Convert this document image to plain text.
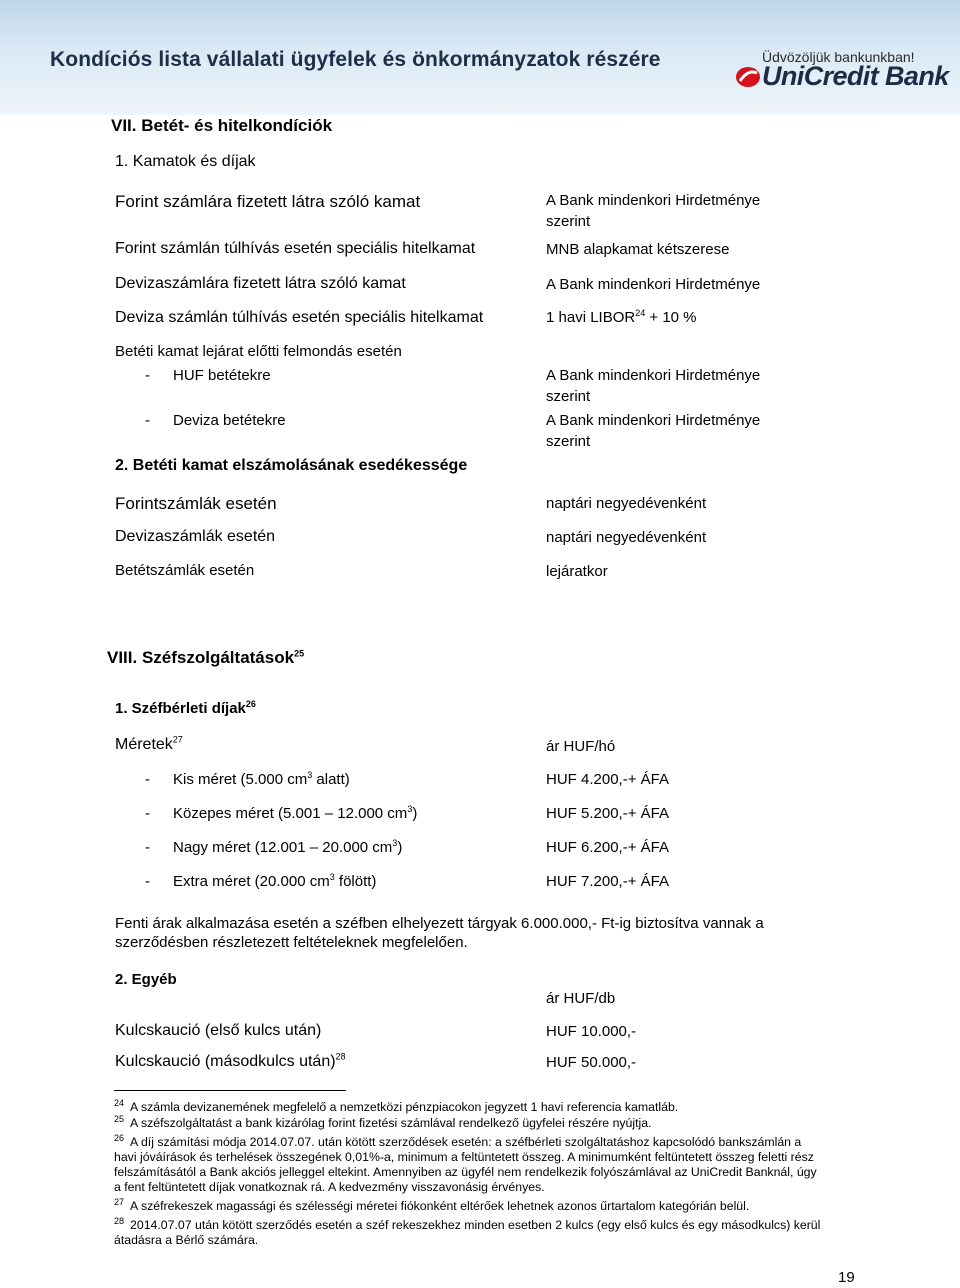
Kondíciós lista vállalati ügyfelek és önkormányzatok részére	Üdvözöljük bankunkban!
UniCredit Bank
VII. Betét- és hitelkondíciók
1. Kamatok és díjak
Forint számlára fizetett látra szóló kamat	A Bank mindenkori Hirdetménye
szerint
Forint számlán túlhívás esetén speciális hitelkamat	MNB alapkamat kétszerese
Devizaszámlára fizetett látra szóló kamat	A Bank mindenkori Hirdetménye
Deviza számlán túlhívás esetén speciális hitelkamat	1 havi $LIBOR^{24} + 10$ %
Betéti kamat lejárat előtti felmondás esetén
- HUF betétekre	A Bank mindenkori Hirdetménye
szerint
- Deviza betétekre	A Bank mindenkori Hirdetménye
szerint
2. Betéti kamat elszámolásának esedékessége
Forintszámlák esetén	naptári negyedévenként
Devizaszámlák esetén	naptári negyedévenként
Betétszámlák esetén	lejáratkor
VIII. Széfszolgáltatások$^{25}$
1. Széfbérleti díjak$^{26}$
Méretek$^{27}$	ár HUF/hó
- Kis méret (5.000 $cm^3$ alatt)	HUF 4.200,-+ ÁFA
- Közepes méret (5.001 – 12.000 $cm^3$)	HUF 5.200,-+ ÁFA
- Nagy méret (12.001 – 20.000 $cm^3$)	HUF 6.200,-+ ÁFA
- Extra méret (20.000 $cm^3$ fölött)	HUF 7.200,-+ ÁFA
Fenti árak alkalmazása esetén a széfben elhelyezett tárgyak 6.000.000,- Ft-ig biztosítva vannak a
szerződésben részletezett feltételeknek megfelelően.
2. Egyéb
ár HUF/db
Kulcskaució (első kulcs után)	HUF 10.000,-
Kulcskaució (másodkulcs után)$^{28}$	HUF 50.000,-
$^{24}$ A számla devizanemének megfelelő a nemzetközi pénzpiacokon jegyzett 1 havi referencia kamatláb.
$^{25}$ A széfszolgáltatást a bank kizárólag forint fizetési számlával rendelkező ügyfelei részére nyújtja.
$^{26}$ A díj számítási módja 2014.07.07. után kötött szerződések esetén: a széfbérleti szolgáltatáshoz kapcsolódó bankszámlán a
havi jóváírások és terhelések összegének 0,01%-a, minimum a feltüntetett összeg. A minimumként feltüntetett összeg feletti rész
felszámításától a Bank akciós jelleggel eltekint. Amennyiben az ügyfél nem rendelkezik folyószámlával az UniCredit Banknál, úgy
a fent feltüntetett díjak vonatkoznak rá. A kedvezmény visszavonásig érvényes.
$^{27}$ A széfrekeszek magassági és szélességi méretei fiókonként eltérőek lehetnek azonos űrtartalom kategórián belül.
$^{28}$ 2014.07.07 után kötött szerződés esetén a széf rekeszekhez minden esetben 2 kulcs (egy első kulcs és egy másodkulcs) kerül
átadásra a Bérlő számára.
19
